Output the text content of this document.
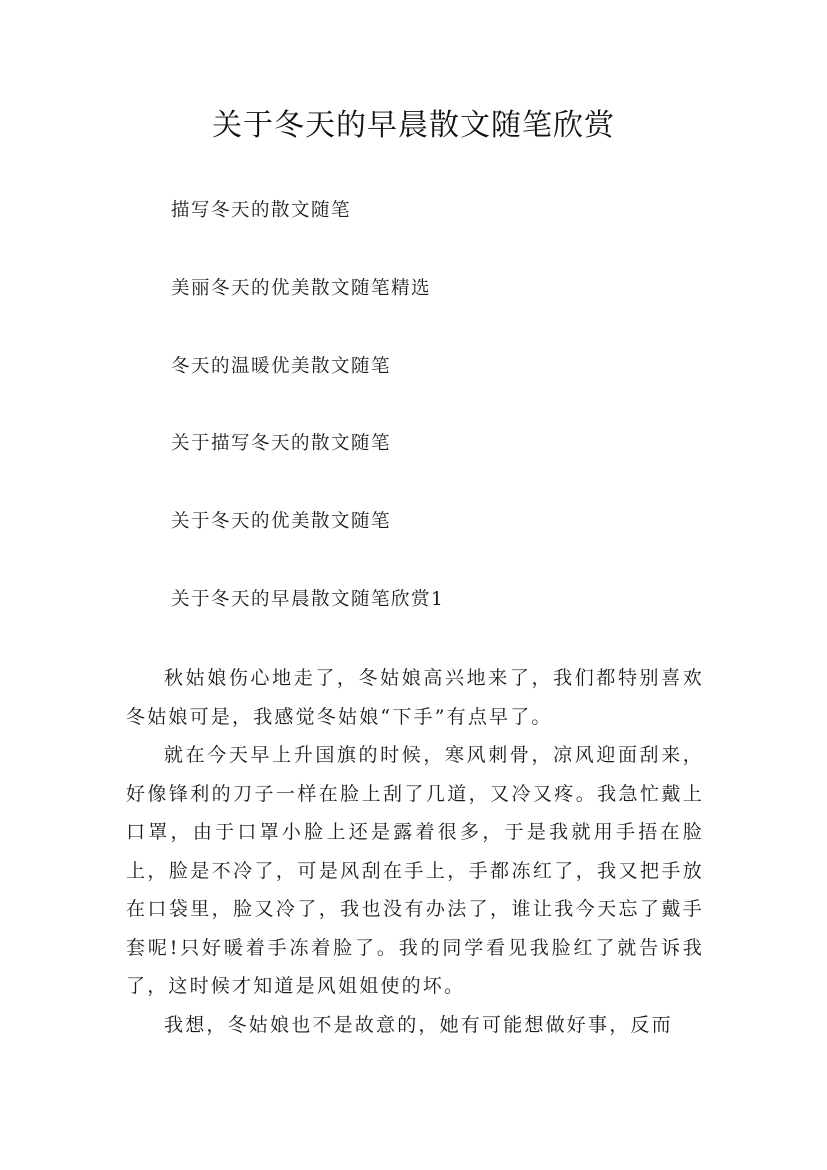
关于冬天的早晨散文随笔欣赏
描写冬天的散文随笔
美丽冬天的优美散文随笔精选
冬天的温暖优美散文随笔
关于描写冬天的散文随笔
关于冬天的优美散文随笔
关于冬天的早晨散文随笔欣赏1

秋姑娘伤心地走了，冬姑娘高兴地来了，我们都特别喜欢冬姑娘可是，我感觉冬姑娘“下手”有点早了。

就在今天早上升国旗的时候，寒风刺骨，凉风迎面刮来，好像锋利的刀子一样在脸上刮了几道，又冷又疼。我急忙戴上口罩，由于口罩小脸上还是露着很多，于是我就用手捂在脸上，脸是不冷了，可是风刮在手上，手都冻红了，我又把手放在口袋里，脸又冷了，我也没有办法了，谁让我今天忘了戴手套呢!只好暖着手冻着脸了。我的同学看见我脸红了就告诉我了，这时候才知道是风姐姐使的坏。

我想，冬姑娘也不是故意的，她有可能想做好事，反而
